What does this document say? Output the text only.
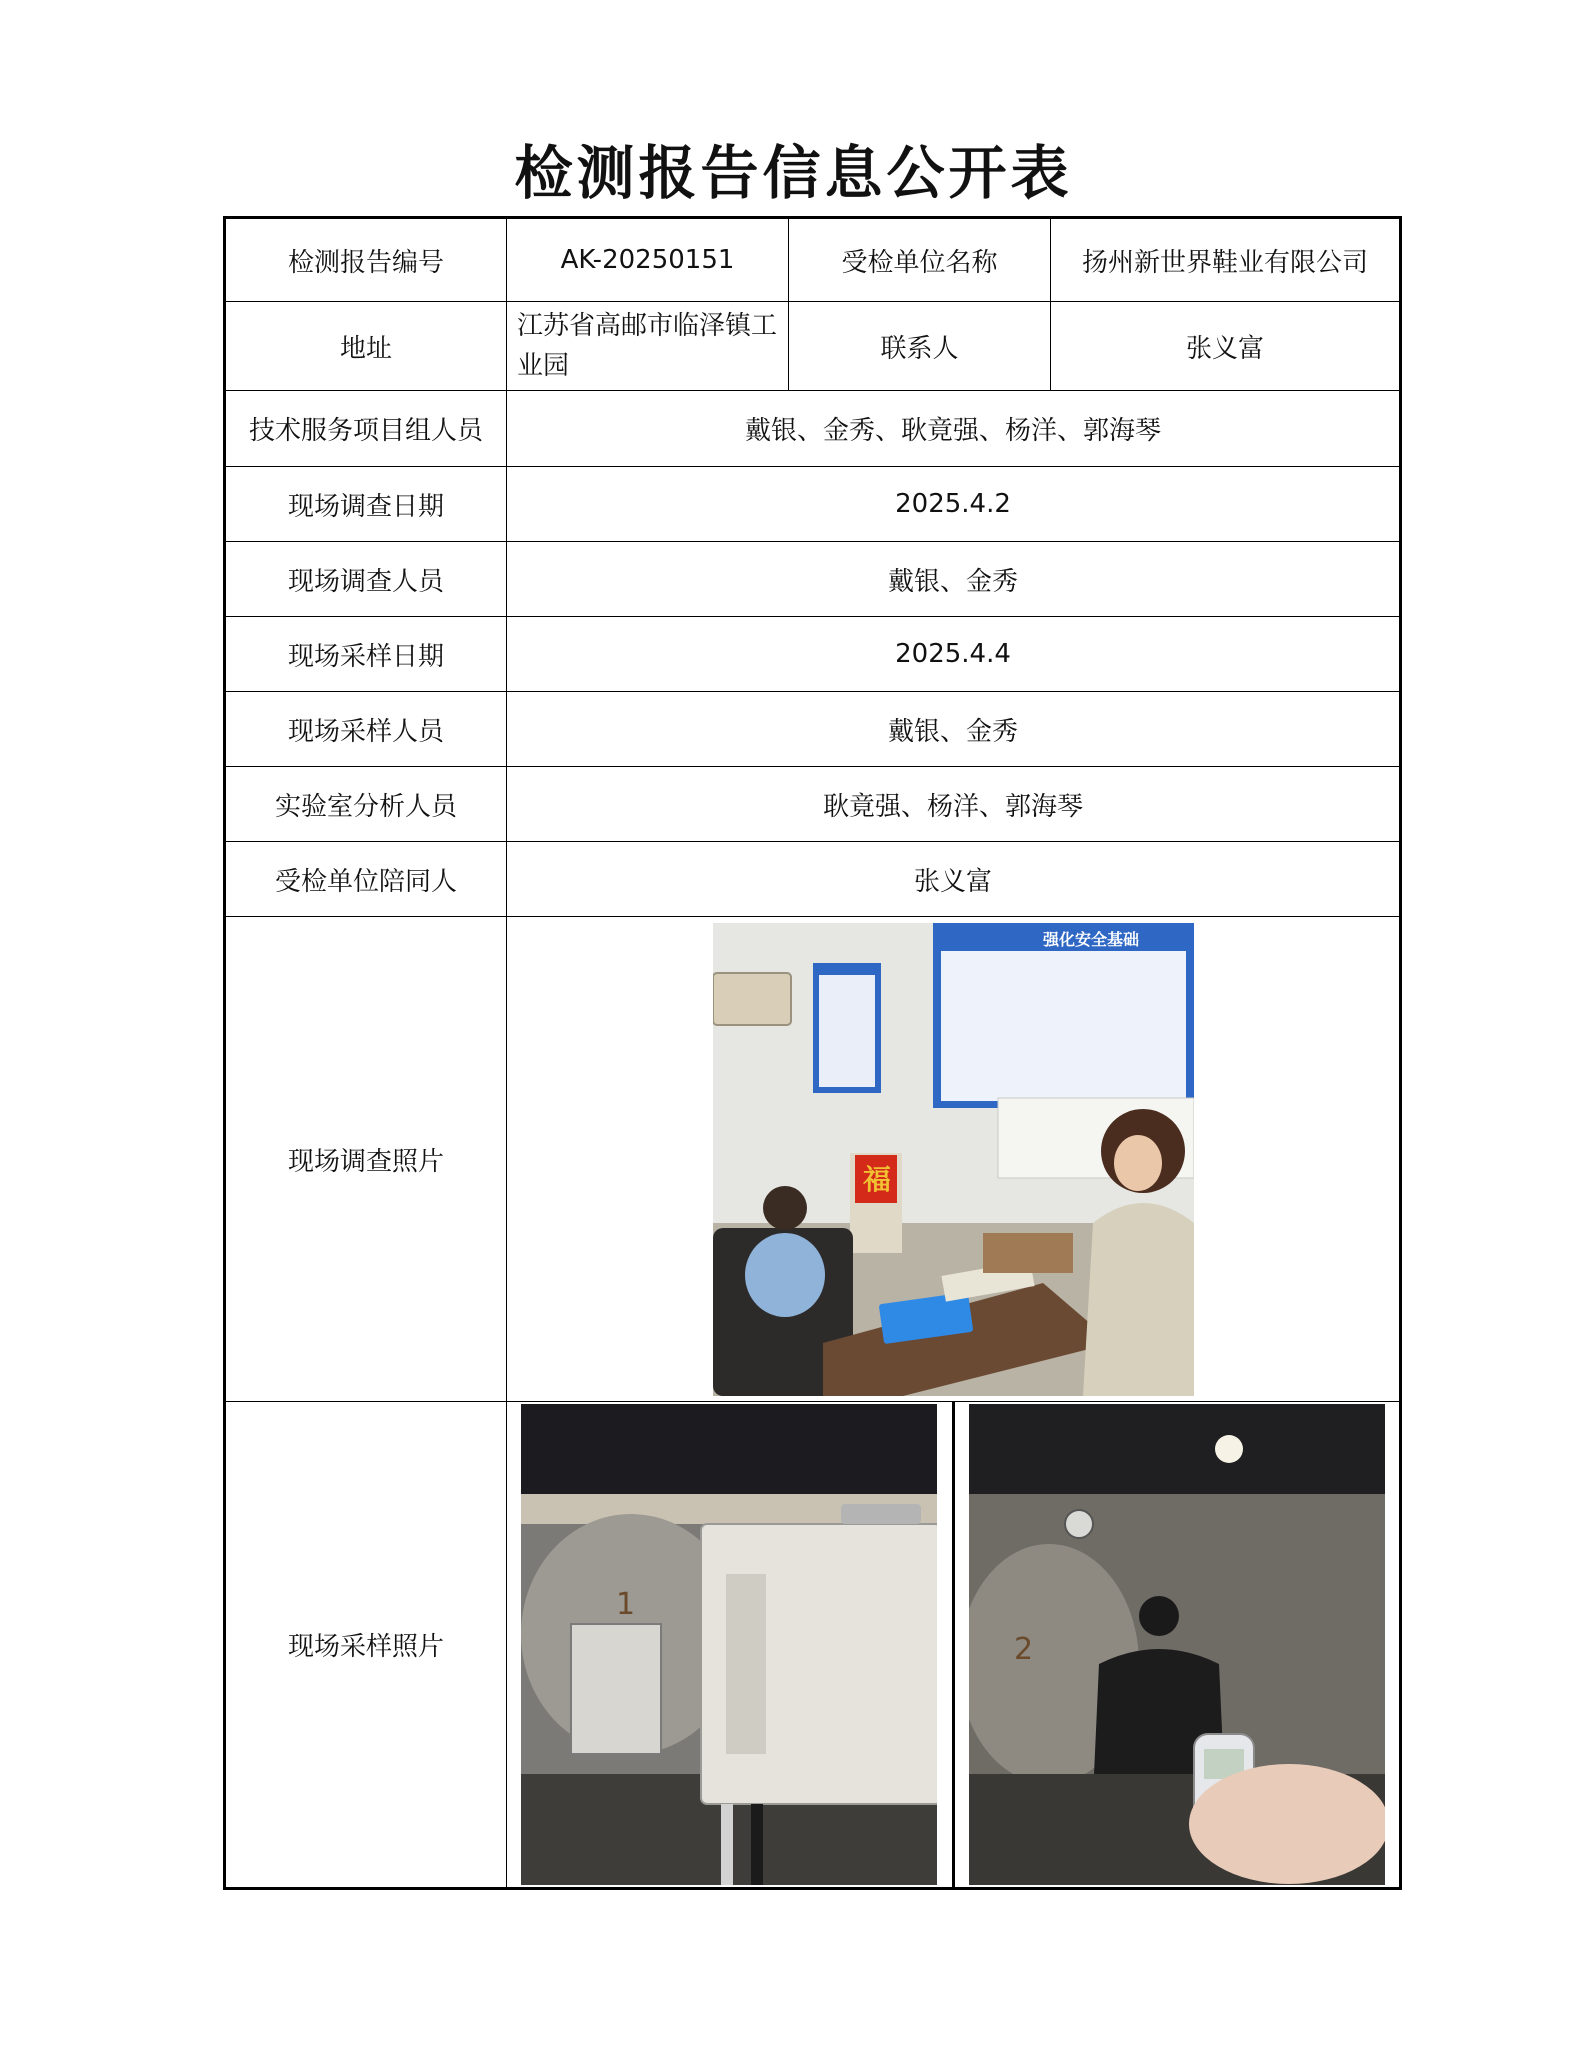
检测报告信息公开表
检测报告编号	AK-20250151	受检单位名称	扬州新世界鞋业有限公司
地址	江苏省高邮市临泽镇工业园	联系人	张义富
技术服务项目组人员	戴银、金秀、耿竟强、杨洋、郭海琴		
现场调查日期	2025.4.2		
现场调查人员	戴银、金秀		
现场采样日期	2025.4.4		
现场采样人员	戴银、金秀		
实验室分析人员	耿竟强、杨洋、郭海琴		
受检单位陪同人	张义富		
现场调查照片	强化安全基础
福		

现场采样照片	1
2		
